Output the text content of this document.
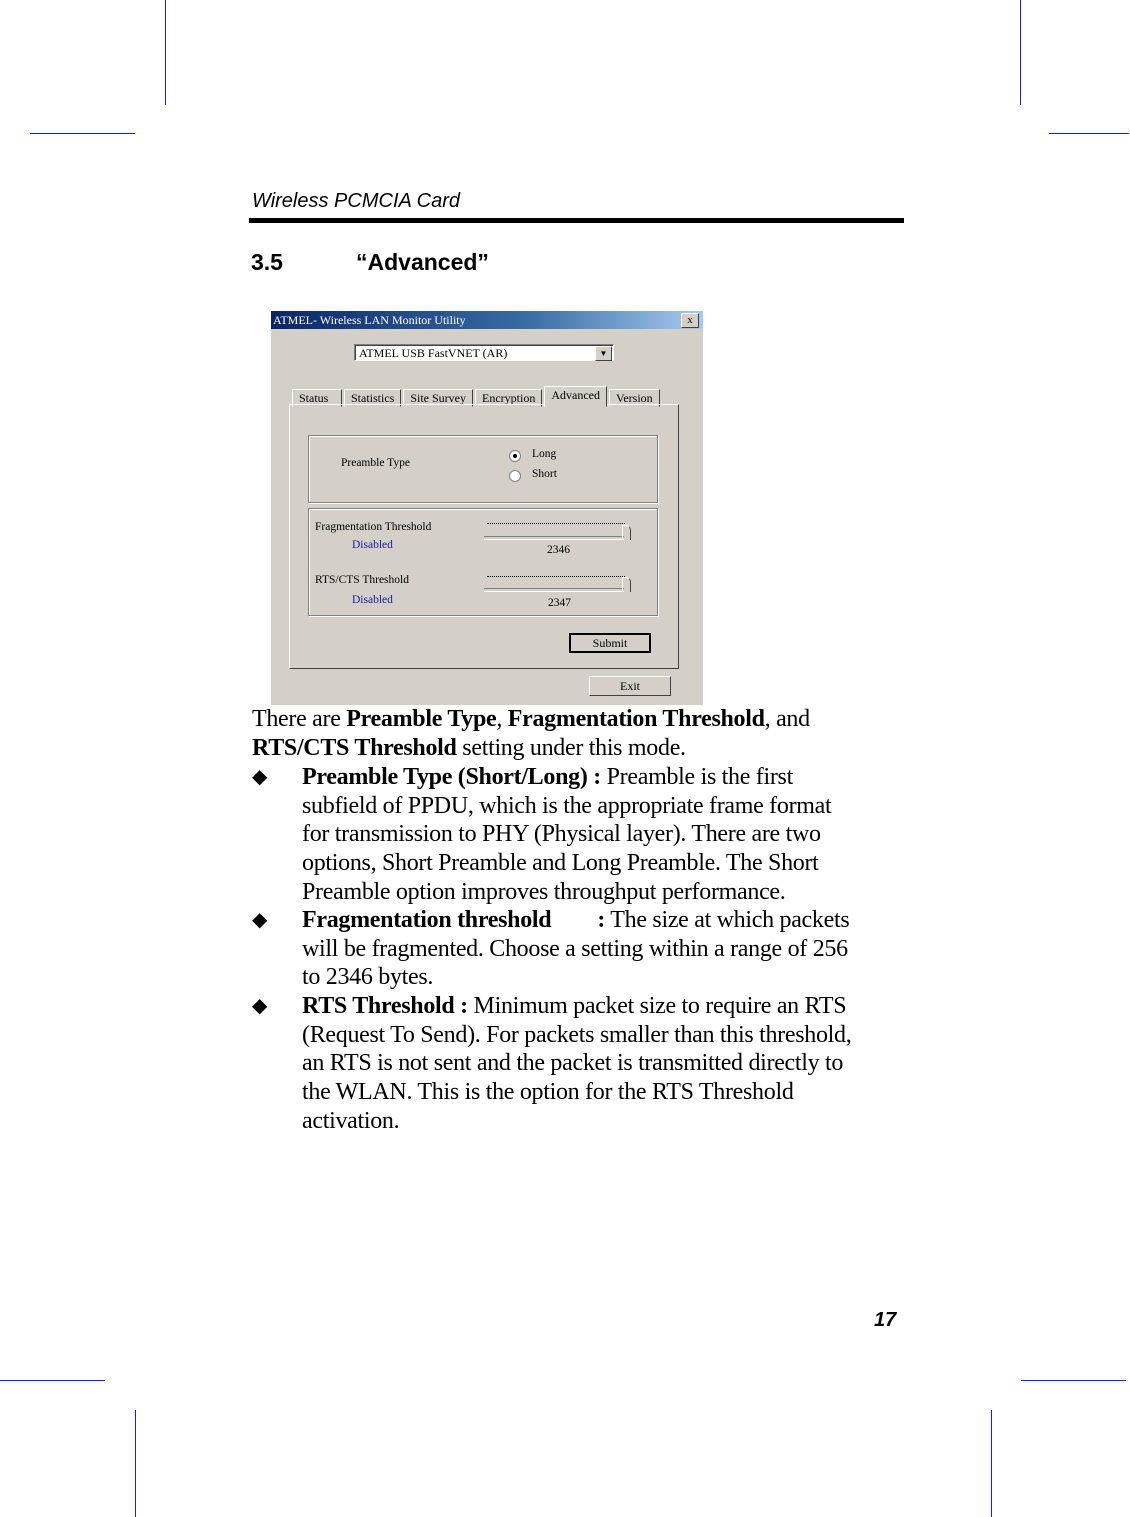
Wireless PCMCIA Card
3.5	“Advanced”
ATMEL- Wireless LAN Monitor Utility	x
ATMEL USB FastVNET (AR)	▼
Status	Statistics	Site Survey	Encryption	Advanced	Version
Preamble Type
Long
Short
Fragmentation Threshold
Disabled	2346
RTS/CTS Threshold
Disabled	2347
Submit
Exit
There are Preamble Type, Fragmentation Threshold, and RTS/CTS Threshold setting under this mode.
◆ Preamble Type (Short/Long) : Preamble is the first subfield of PPDU, which is the appropriate frame format for transmission to PHY (Physical layer). There are two options, Short Preamble and Long Preamble. The Short Preamble option improves throughput performance.
◆ Fragmentation threshold : The size at which packets will be fragmented. Choose a setting within a range of 256 to 2346 bytes.
◆ RTS Threshold : Minimum packet size to require an RTS (Request To Send). For packets smaller than this threshold, an RTS is not sent and the packet is transmitted directly to the WLAN. This is the option for the RTS Threshold activation.
17
